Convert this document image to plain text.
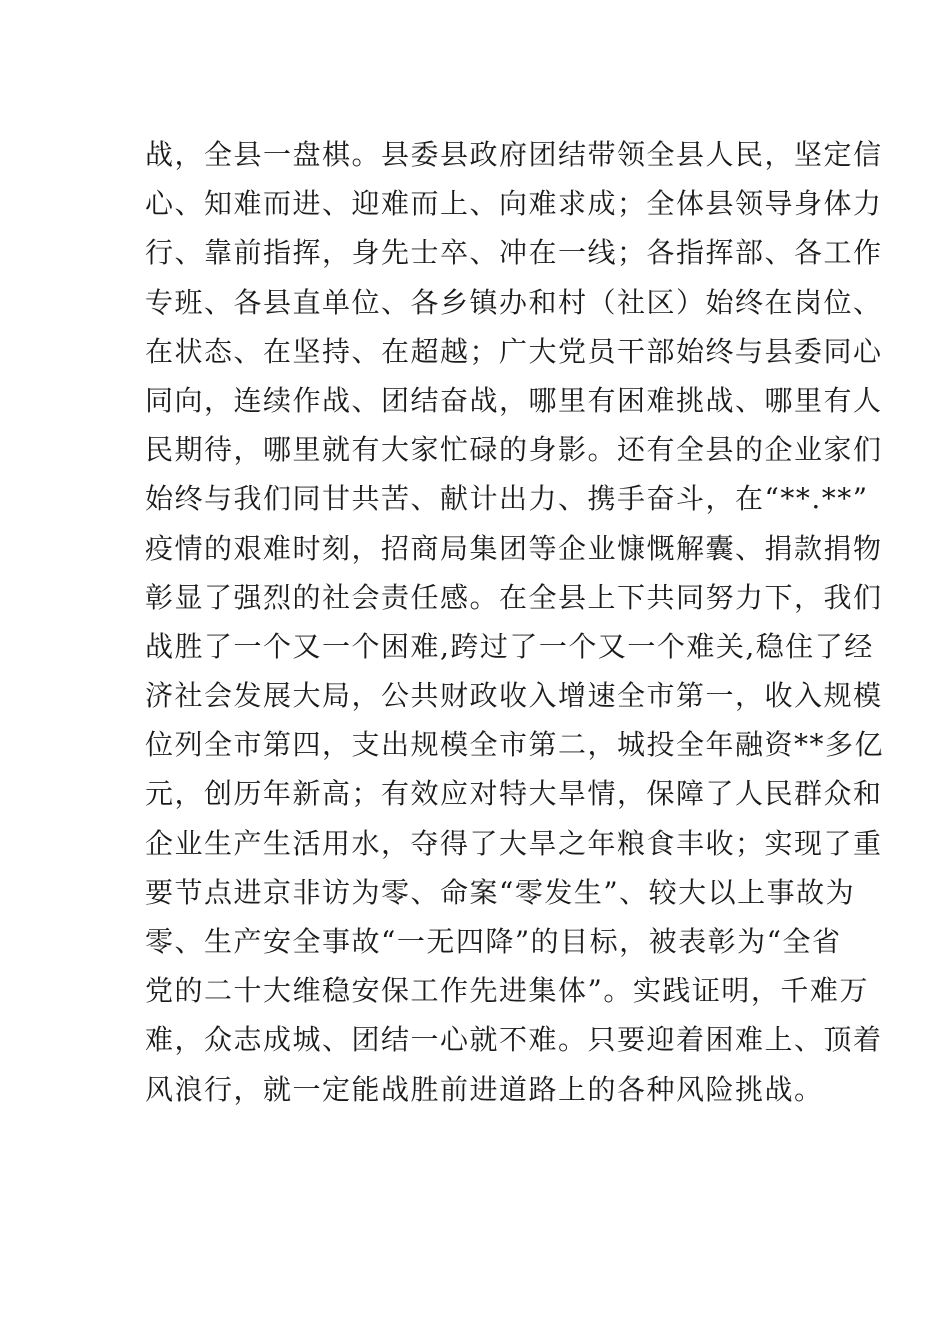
战，全县一盘棋。县委县政府团结带领全县人民，坚定信
心、知难而进、迎难而上、向难求成；全体县领导身体力
行、靠前指挥，身先士卒、冲在一线；各指挥部、各工作
专班、各县直单位、各乡镇办和村（社区）始终在岗位、
在状态、在坚持、在超越；广大党员干部始终与县委同心
同向，连续作战、团结奋战，哪里有困难挑战、哪里有人
民期待，哪里就有大家忙碌的身影。还有全县的企业家们
始终与我们同甘共苦、献计出力、携手奋斗，在“**.**”
疫情的艰难时刻，招商局集团等企业慷慨解囊、捐款捐物
彰显了强烈的社会责任感。在全县上下共同努力下，我们
战胜了一个又一个困难,跨过了一个又一个难关,稳住了经
济社会发展大局，公共财政收入增速全市第一，收入规模
位列全市第四，支出规模全市第二，城投全年融资**多亿
元，创历年新高；有效应对特大旱情，保障了人民群众和
企业生产生活用水，夺得了大旱之年粮食丰收；实现了重
要节点进京非访为零、命案“零发生”、较大以上事故为
零、生产安全事故“一无四降”的目标，被表彰为“全省
党的二十大维稳安保工作先进集体”。实践证明，千难万
难，众志成城、团结一心就不难。只要迎着困难上、顶着
风浪行，就一定能战胜前进道路上的各种风险挑战。
